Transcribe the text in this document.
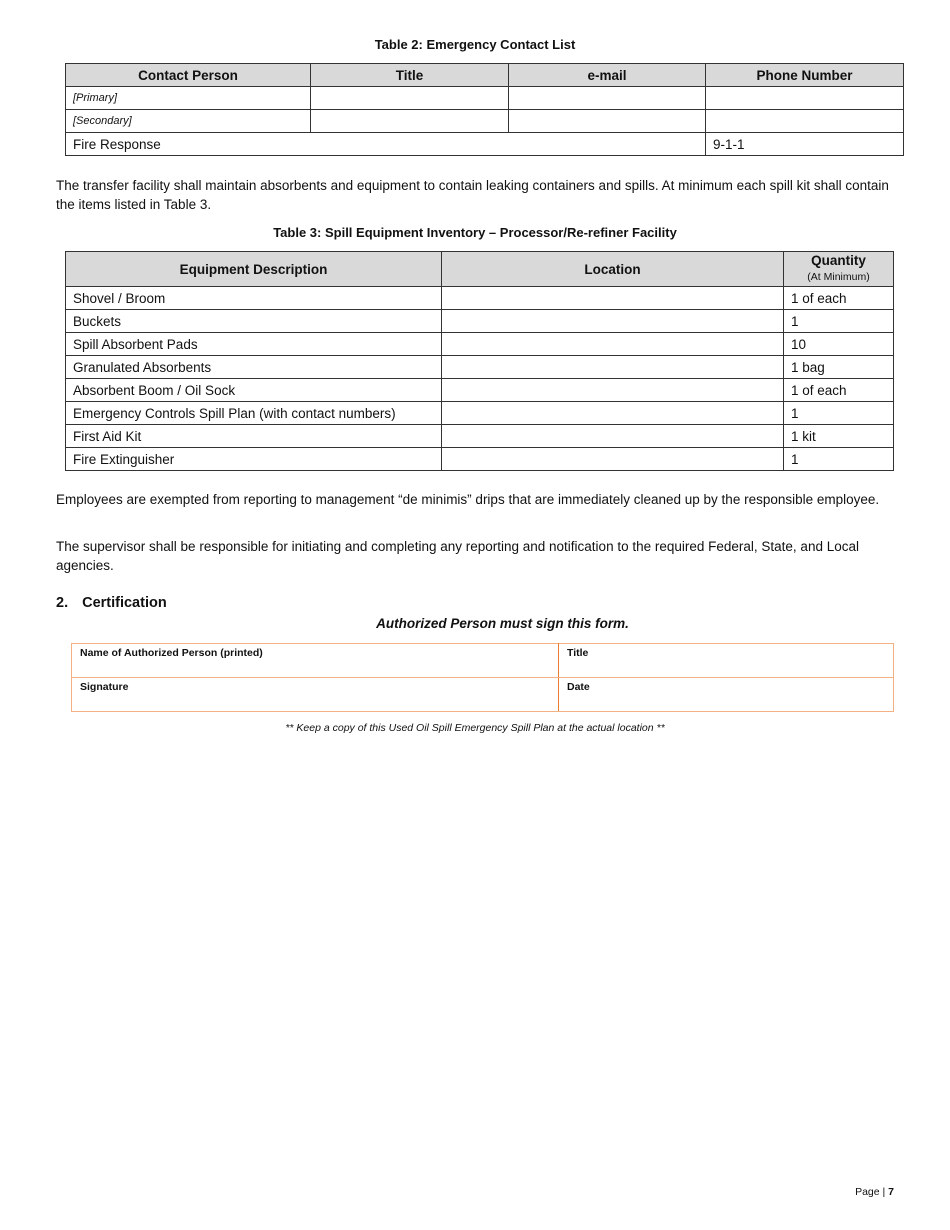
Table 2: Emergency Contact List
Contact Person	Title	e-mail	Phone Number
[Primary]			
[Secondary]			
Fire Response			9-1-1
The transfer facility shall maintain absorbents and equipment to contain leaking containers and spills. At minimum each spill kit shall contain the items listed in Table 3.
Table 3: Spill Equipment Inventory – Processor/Re-refiner Facility
Equipment Description	Location	Quantity
(At Minimum)
Shovel / Broom		1 of each
Buckets		1
Spill Absorbent Pads		10
Granulated Absorbents		1 bag
Absorbent Boom / Oil Sock		1 of each
Emergency Controls Spill Plan (with contact numbers)		1
First Aid Kit		1 kit
Fire Extinguisher		1
Employees are exempted from reporting to management “de minimis” drips that are immediately cleaned up by the responsible employee.
The supervisor shall be responsible for initiating and completing any reporting and notification to the required Federal, State, and Local agencies.
2. Certification
Authorized Person must sign this form.
Name of Authorized Person (printed)	Title
Signature	Date
** Keep a copy of this Used Oil Spill Emergency Spill Plan at the actual location **
Page | 7
